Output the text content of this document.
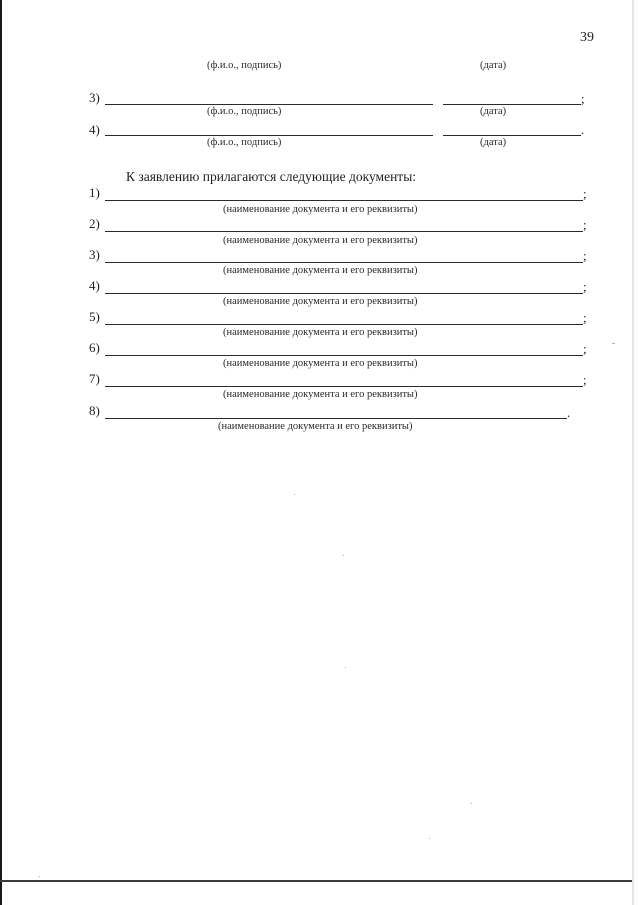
39
(ф.и.о., подпись)	(дата)
3)	;
(ф.и.о., подпись)	(дата)
4)	.
(ф.и.о., подпись)	(дата)
К заявлению прилагаются следующие документы:
1)	;
(наименование документа и его реквизиты)
2)	;
(наименование документа и его реквизиты)
3)	;
(наименование документа и его реквизиты)
4)	;
(наименование документа и его реквизиты)
5)	;
(наименование документа и его реквизиты)
6)	;
(наименование документа и его реквизиты)
7)	;
(наименование документа и его реквизиты)
8)	.
(наименование документа и его реквизиты)
